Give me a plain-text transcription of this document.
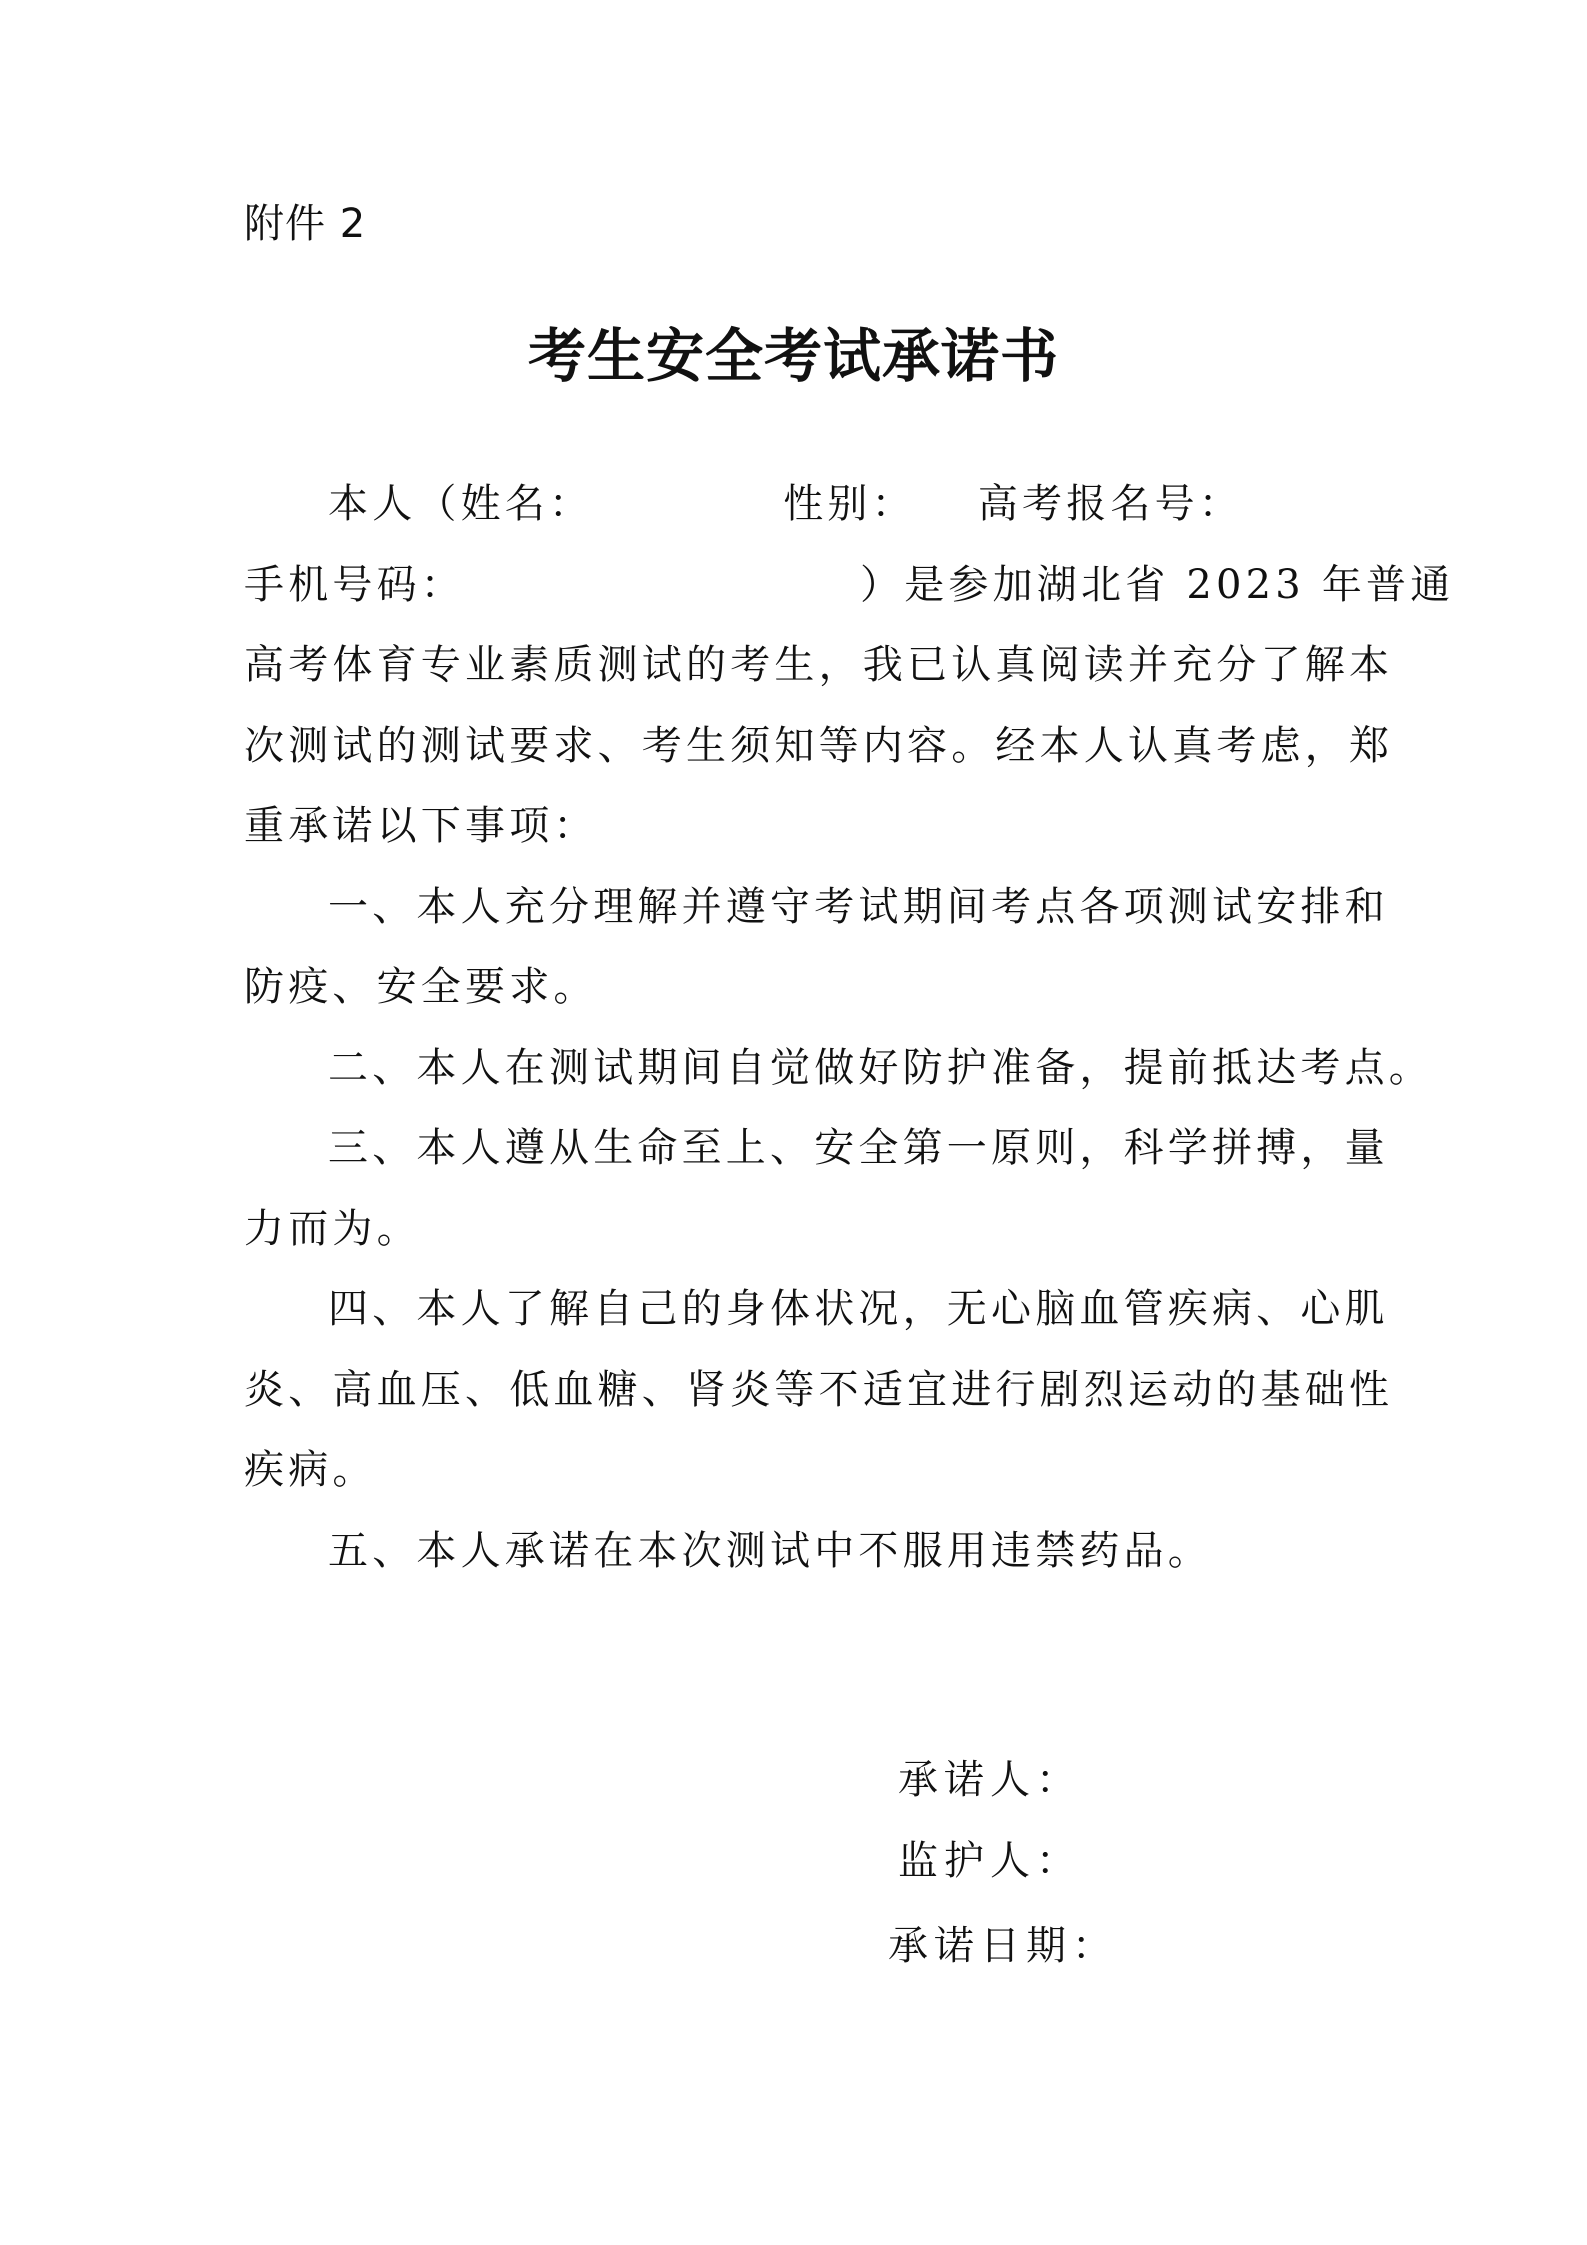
附件 2
考生安全考试承诺书
本人（姓名：	性别： 高考报名号：
手机号码：	）是参加湖北省 2023 年普通
高考体育专业素质测试的考生，我已认真阅读并充分了解本
次测试的测试要求、考生须知等内容。经本人认真考虑，郑
重承诺以下事项：
一、本人充分理解并遵守考试期间考点各项测试安排和
防疫、安全要求。
二、本人在测试期间自觉做好防护准备，提前抵达考点。
三、本人遵从生命至上、安全第一原则，科学拼搏，量
力而为。
四、本人了解自己的身体状况，无心脑血管疾病、心肌
炎、高血压、低血糖、肾炎等不适宜进行剧烈运动的基础性
疾病。
五、本人承诺在本次测试中不服用违禁药品。
承诺人：
监护人：
承诺日期：
